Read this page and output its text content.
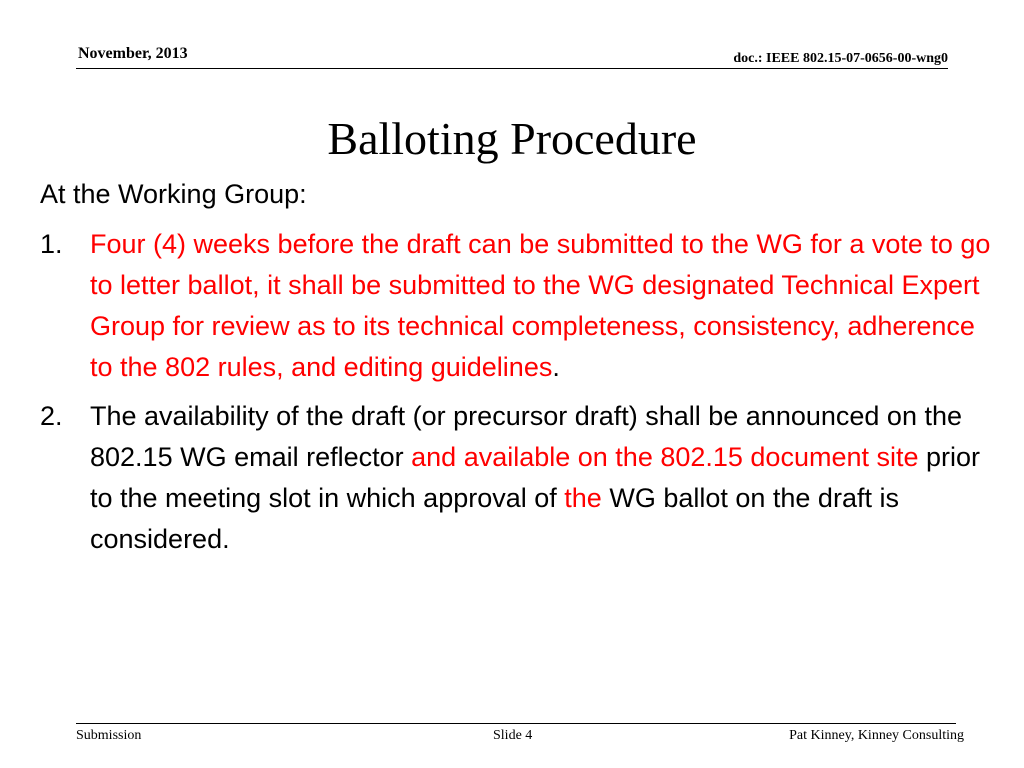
November, 2013	doc.: IEEE 802.15-07-0656-00-wng0
Balloting Procedure
At the Working Group:
1. Four (4) weeks before the draft can be submitted to the WG for a vote to go to letter ballot, it shall be submitted to the WG designated Technical Expert Group for review as to its technical completeness, consistency, adherence to the 802 rules, and editing guidelines.
2. The availability of the draft (or precursor draft) shall be announced on the 802.15 WG email reflector and available on the 802.15 document site prior to the meeting slot in which approval of the WG ballot on the draft is considered.
Submission	Slide 4	Pat Kinney, Kinney Consulting
